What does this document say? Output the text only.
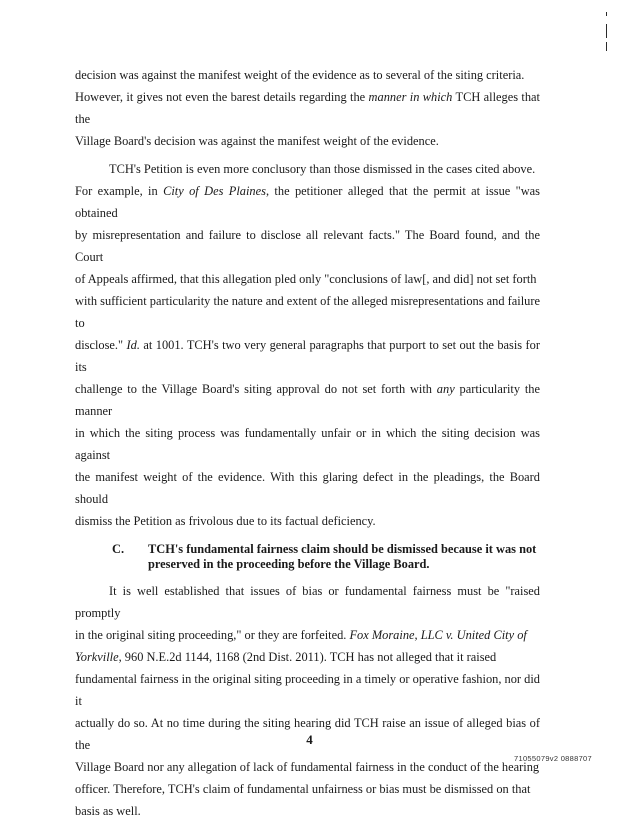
decision was against the manifest weight of the evidence as to several of the siting criteria.
However, it gives not even the barest details regarding the manner in which TCH alleges that the
Village Board's decision was against the manifest weight of the evidence.

TCH's Petition is even more conclusory than those dismissed in the cases cited above.
For example, in City of Des Plaines, the petitioner alleged that the permit at issue "was obtained
by misrepresentation and failure to disclose all relevant facts." The Board found, and the Court
of Appeals affirmed, that this allegation pled only "conclusions of law[, and did] not set forth
with sufficient particularity the nature and extent of the alleged misrepresentations and failure to
disclose." Id. at 1001. TCH's two very general paragraphs that purport to set out the basis for its
challenge to the Village Board's siting approval do not set forth with any particularity the manner
in which the siting process was fundamentally unfair or in which the siting decision was against
the manifest weight of the evidence. With this glaring defect in the pleadings, the Board should
dismiss the Petition as frivolous due to its factual deficiency.

C. TCH's fundamental fairness claim should be dismissed because it was not
preserved in the proceeding before the Village Board.

It is well established that issues of bias or fundamental fairness must be "raised promptly
in the original siting proceeding," or they are forfeited. Fox Moraine, LLC v. United City of
Yorkville, 960 N.E.2d 1144, 1168 (2nd Dist. 2011). TCH has not alleged that it raised
fundamental fairness in the original siting proceeding in a timely or operative fashion, nor did it
actually do so. At no time during the siting hearing did TCH raise an issue of alleged bias of the
Village Board nor any allegation of lack of fundamental fairness in the conduct of the hearing
officer. Therefore, TCH's claim of fundamental unfairness or bias must be dismissed on that
basis as well.

4
71055079v2 0888707
